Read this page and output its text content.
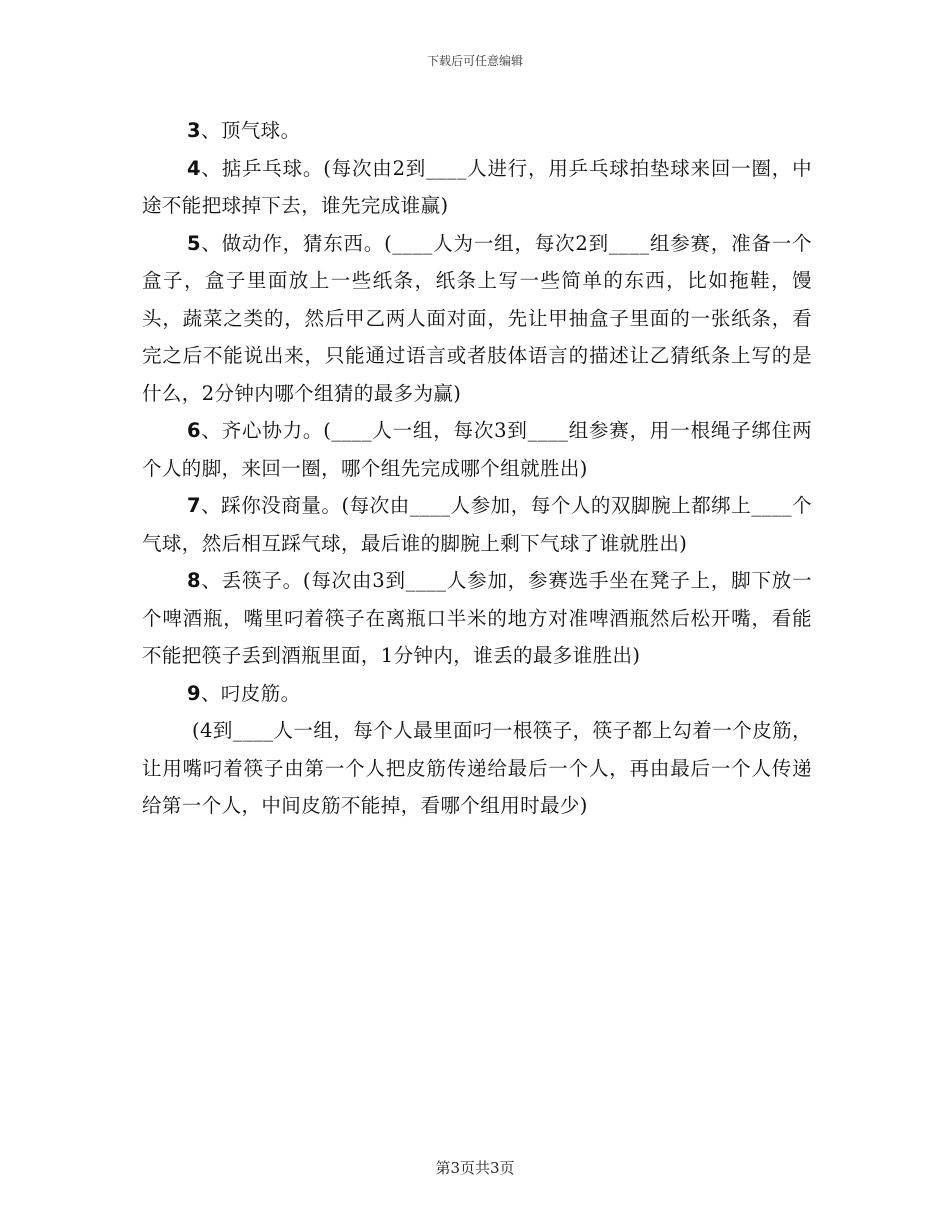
下载后可任意编辑

3、顶气球。

4、掂乒乓球。(每次由2到____人进行，用乒乓球拍垫球来回一圈，中途不能把球掉下去，谁先完成谁赢)

5、做动作，猜东西。(____人为一组，每次2到____组参赛，准备一个盒子，盒子里面放上一些纸条，纸条上写一些简单的东西，比如拖鞋，馒头，蔬菜之类的，然后甲乙两人面对面，先让甲抽盒子里面的一张纸条，看完之后不能说出来，只能通过语言或者肢体语言的描述让乙猜纸条上写的是什么，2分钟内哪个组猜的最多为赢)

6、齐心协力。(____人一组，每次3到____组参赛，用一根绳子绑住两个人的脚，来回一圈，哪个组先完成哪个组就胜出)

7、踩你没商量。(每次由____人参加，每个人的双脚腕上都绑上____个气球，然后相互踩气球，最后谁的脚腕上剩下气球了谁就胜出)

8、丢筷子。(每次由3到____人参加，参赛选手坐在凳子上，脚下放一个啤酒瓶，嘴里叼着筷子在离瓶口半米的地方对准啤酒瓶然后松开嘴，看能不能把筷子丢到酒瓶里面，1分钟内，谁丢的最多谁胜出)

9、叼皮筋。

(4到____人一组，每个人最里面叼一根筷子，筷子都上勾着一个皮筋，让用嘴叼着筷子由第一个人把皮筋传递给最后一个人，再由最后一个人传递给第一个人，中间皮筋不能掉，看哪个组用时最少)

第3页共3页
